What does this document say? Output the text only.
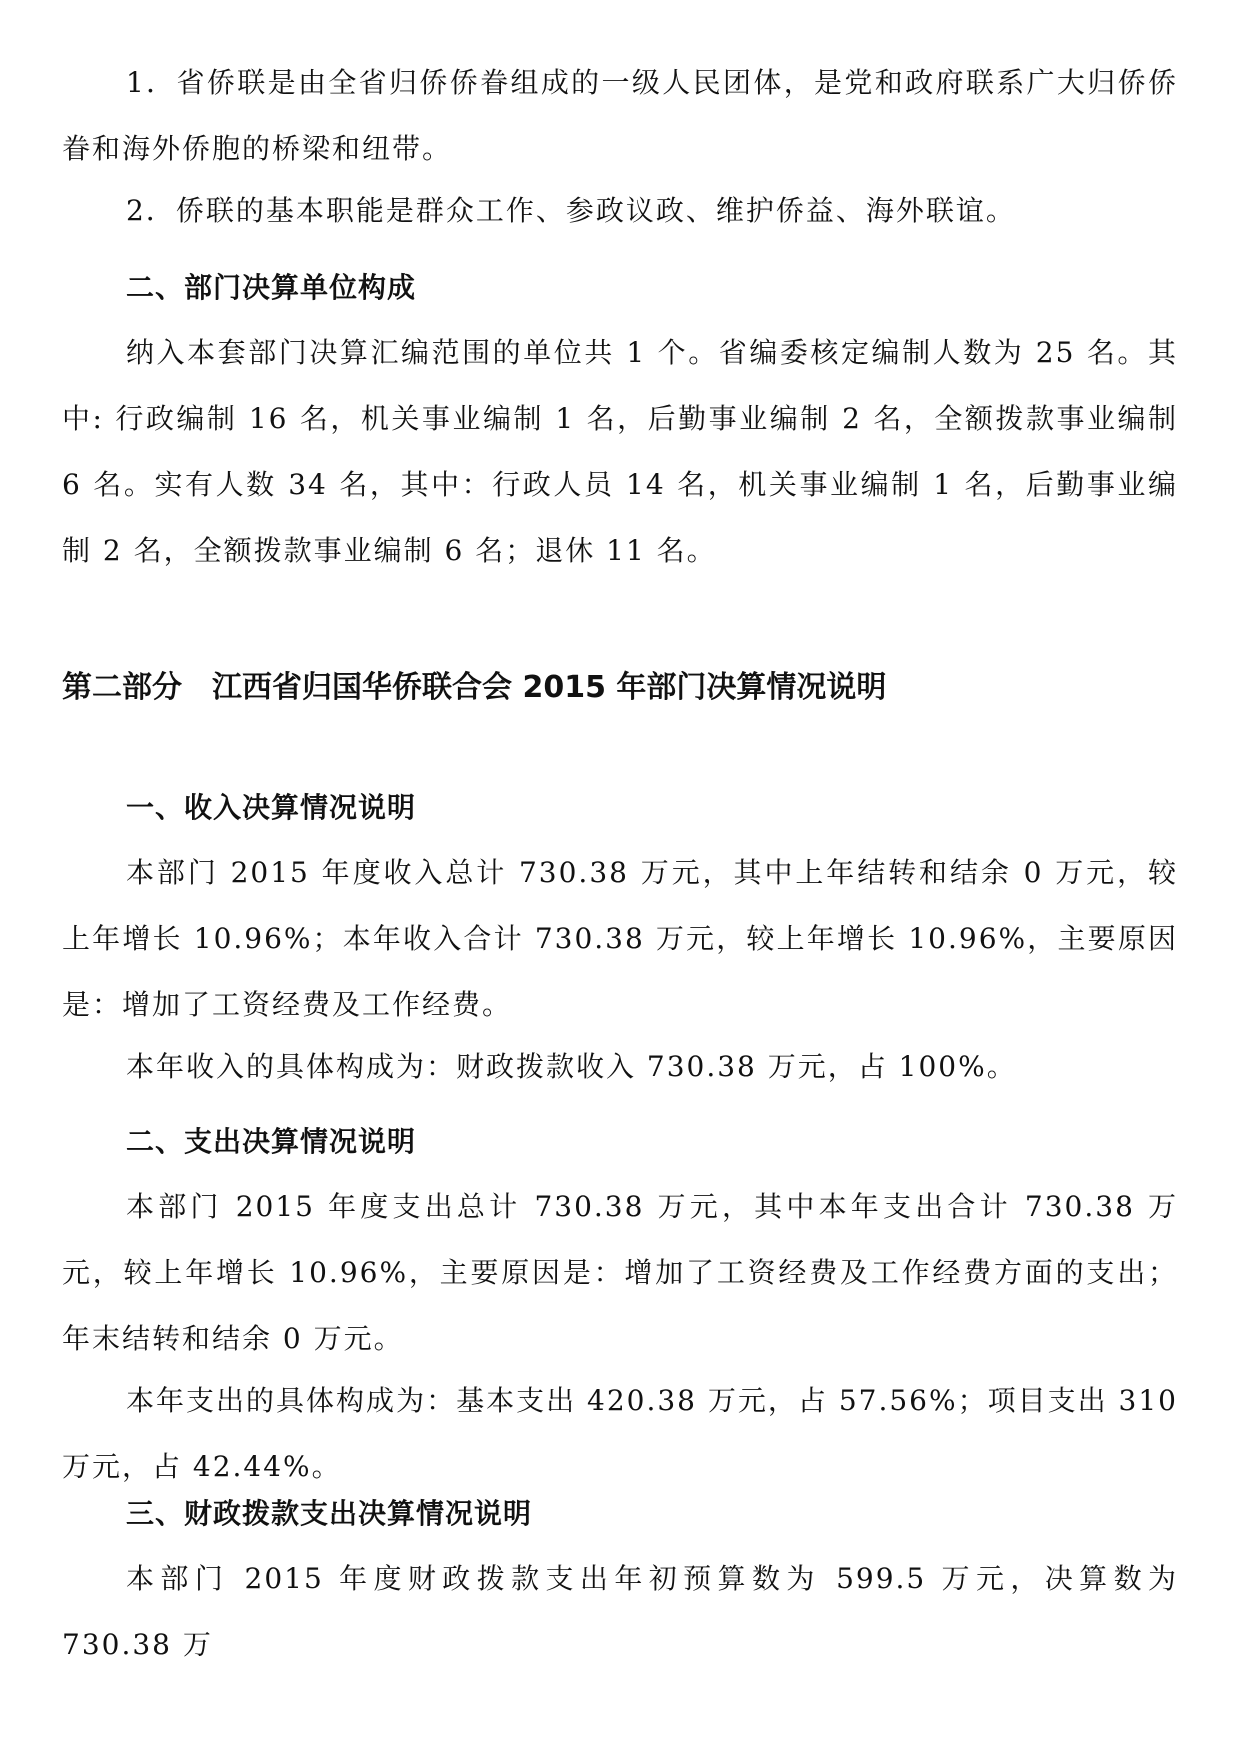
1．省侨联是由全省归侨侨眷组成的一级人民团体，是党和政府联系广大归侨侨眷和海外侨胞的桥梁和纽带。

2．侨联的基本职能是群众工作、参政议政、维护侨益、海外联谊。

二、部门决算单位构成

纳入本套部门决算汇编范围的单位共 1 个。省编委核定编制人数为 25 名。其中: 行政编制 16 名，机关事业编制 1 名，后勤事业编制 2 名，全额拨款事业编制 6 名。实有人数 34 名，其中：行政人员 14 名，机关事业编制 1 名，后勤事业编制 2 名，全额拨款事业编制 6 名；退休 11 名。

第二部分　江西省归国华侨联合会 2015 年部门决算情况说明
一、收入决算情况说明

本部门 2015 年度收入总计 730.38 万元，其中上年结转和结余 0 万元，较上年增长 10.96%；本年收入合计 730.38 万元，较上年增长 10.96%，主要原因是：增加了工资经费及工作经费。

本年收入的具体构成为：财政拨款收入 730.38 万元，占 100%。

二、支出决算情况说明

本部门 2015 年度支出总计 730.38 万元，其中本年支出合计 730.38 万元，较上年增长 10.96%，主要原因是：增加了工资经费及工作经费方面的支出；年末结转和结余 0 万元。

本年支出的具体构成为：基本支出 420.38 万元，占 57.56%；项目支出 310 万元，占 42.44%。

三、财政拨款支出决算情况说明

本部门 2015 年度财政拨款支出年初预算数为 599.5 万元，决算数为 730.38 万
